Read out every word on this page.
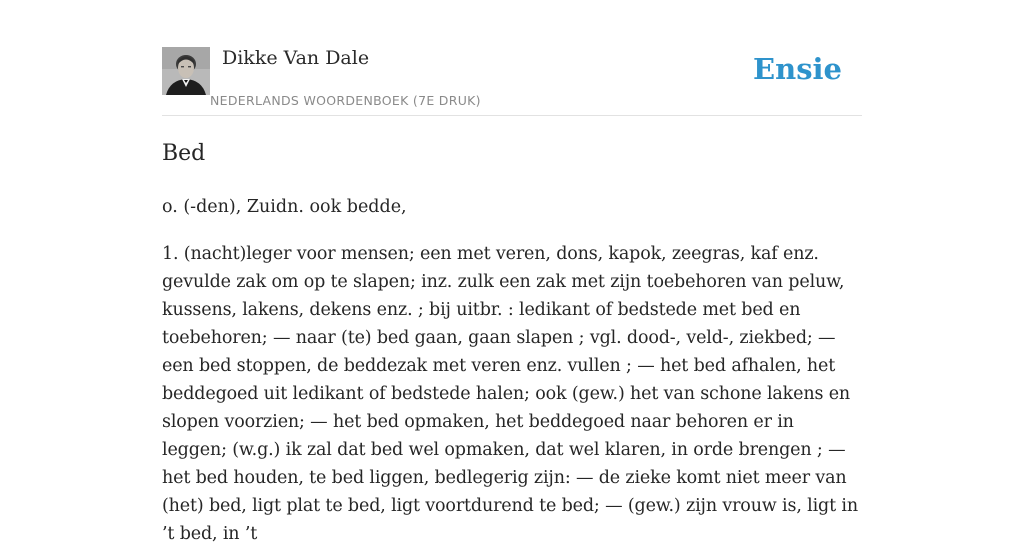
Dikke Van Dale
NEDERLANDS WOORDENBOEK (7E DRUK)
Ensie
Bed

o. (-den), Zuidn. ook bedde,

1. (nacht)leger voor mensen; een met veren, dons, kapok, zeegras, kaf enz. gevulde zak om op te slapen; inz. zulk een zak met zijn toebehoren van peluw, kussens, lakens, dekens enz. ; bij uitbr. : ledikant of bedstede met bed en toebehoren; — naar (te) bed gaan, gaan slapen ; vgl. dood-, veld-, ziekbed; — een bed stoppen, de beddezak met veren enz. vullen ; — het bed afhalen, het beddegoed uit ledikant of bedstede halen; ook (gew.) het van schone lakens en slopen voorzien; — het bed opmaken, het beddegoed naar behoren er in leggen; (w.g.) ik zal dat bed wel opmaken, dat wel klaren, in orde brengen ; — het bed houden, te bed liggen, bedlegerig zijn: — de zieke komt niet meer van (het) bed, ligt plat te bed, ligt voortdurend te bed; — (gew.) zijn vrouw is, ligt in ’t bed, in ’t
